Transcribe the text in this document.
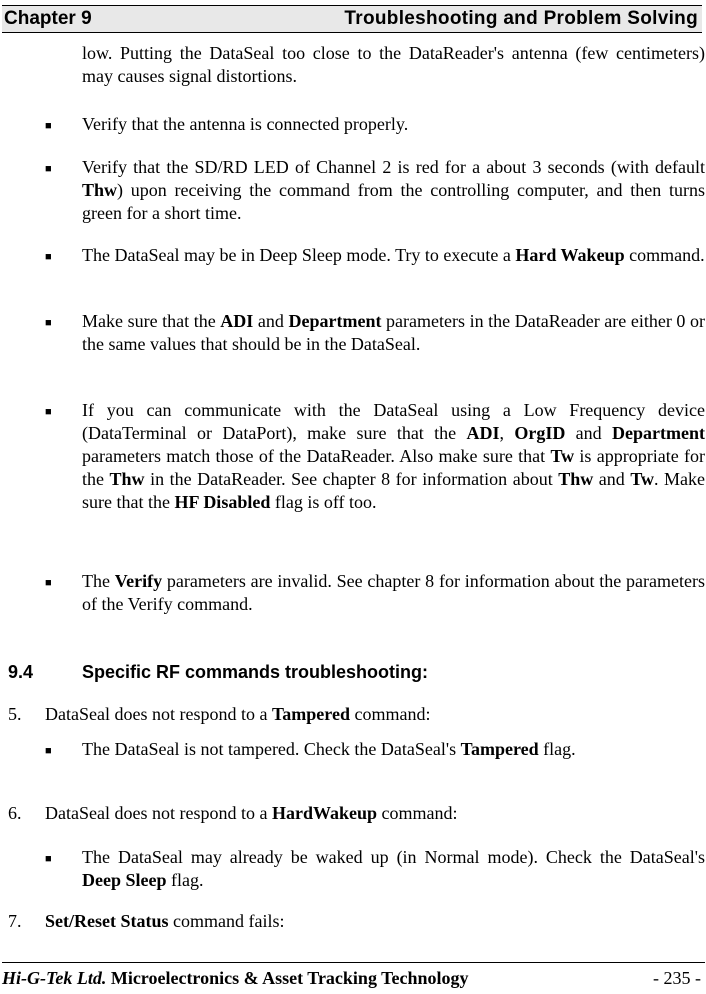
Chapter 9	Troubleshooting and Problem Solving
low. Putting the DataSeal too close to the DataReader's antenna (few centimeters) may causes signal distortions.
■ Verify that the antenna is connected properly.
■ Verify that the SD/RD LED of Channel 2 is red for a about 3 seconds (with default Thw) upon receiving the command from the controlling computer, and then turns green for a short time.
■ The DataSeal may be in Deep Sleep mode. Try to execute a Hard Wakeup command.
■ Make sure that the ADI and Department parameters in the DataReader are either 0 or the same values that should be in the DataSeal.
■ If you can communicate with the DataSeal using a Low Frequency device (DataTerminal or DataPort), make sure that the ADI, OrgID and Department parameters match those of the DataReader. Also make sure that Tw is appropriate for the Thw in the DataReader. See chapter 8 for information about Thw and Tw. Make sure that the HF Disabled flag is off too.
■ The Verify parameters are invalid. See chapter 8 for information about the parameters of the Verify command.
9.4	Specific RF commands troubleshooting:
5. DataSeal does not respond to a Tampered command:
■ The DataSeal is not tampered. Check the DataSeal's Tampered flag.
6. DataSeal does not respond to a HardWakeup command:
■ The DataSeal may already be waked up (in Normal mode). Check the DataSeal's Deep Sleep flag.
7. Set/Reset Status command fails:
Hi-G-Tek Ltd. Microelectronics & Asset Tracking Technology	- 235 -
